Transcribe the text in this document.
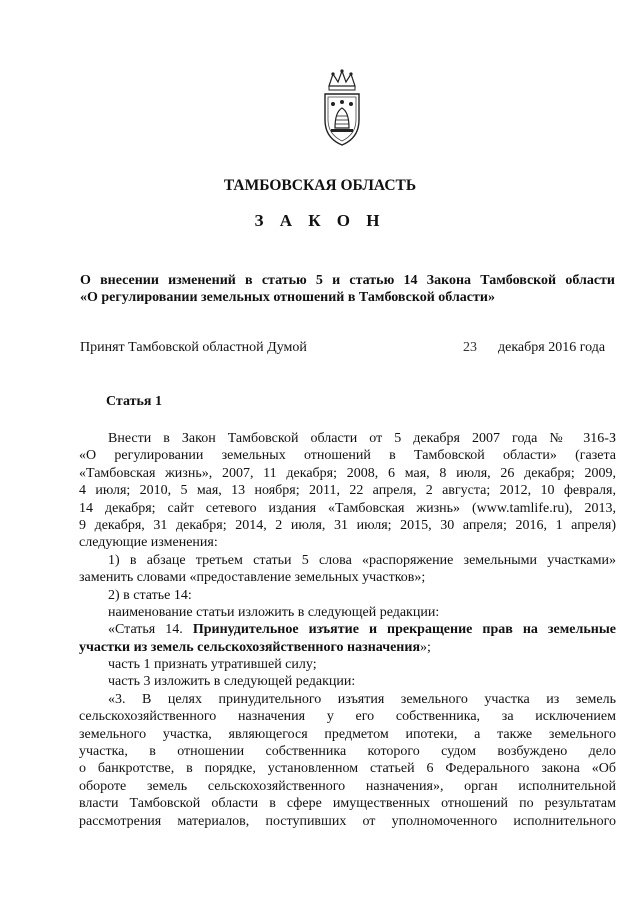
ТАМБОВСКАЯ ОБЛАСТЬ
З А К О Н
О внесении изменений в статью 5 и статью 14 Закона Тамбовской области
«О регулировании земельных отношений в Тамбовской области»
Принят Тамбовской областной Думой	23 декабря 2016 года
Статья 1
Внести в Закон Тамбовской области от 5 декабря 2007 года № 316-З
«О регулировании земельных отношений в Тамбовской области» (газета
«Тамбовская жизнь», 2007, 11 декабря; 2008, 6 мая, 8 июля, 26 декабря; 2009,
4 июля; 2010, 5 мая, 13 ноября; 2011, 22 апреля, 2 августа; 2012, 10 февраля,
14 декабря; сайт сетевого издания «Тамбовская жизнь» (www.tamlife.ru), 2013,
9 декабря, 31 декабря; 2014, 2 июля, 31 июля; 2015, 30 апреля; 2016, 1 апреля)
следующие изменения:
1) в абзаце третьем статьи 5 слова «распоряжение земельными участками»
заменить словами «предоставление земельных участков»;
2) в статье 14:
наименование статьи изложить в следующей редакции:
«Статья 14. Принудительное изъятие и прекращение прав на земельные
участки из земель сельскохозяйственного назначения»;
часть 1 признать утратившей силу;
часть 3 изложить в следующей редакции:
«3. В целях принудительного изъятия земельного участка из земель
сельскохозяйственного назначения у его собственника, за исключением
земельного участка, являющегося предметом ипотеки, а также земельного
участка, в отношении собственника которого судом возбуждено дело
о банкротстве, в порядке, установленном статьей 6 Федерального закона «Об
обороте земель сельскохозяйственного назначения», орган исполнительной
власти Тамбовской области в сфере имущественных отношений по результатам
рассмотрения материалов, поступивших от уполномоченного исполнительного
